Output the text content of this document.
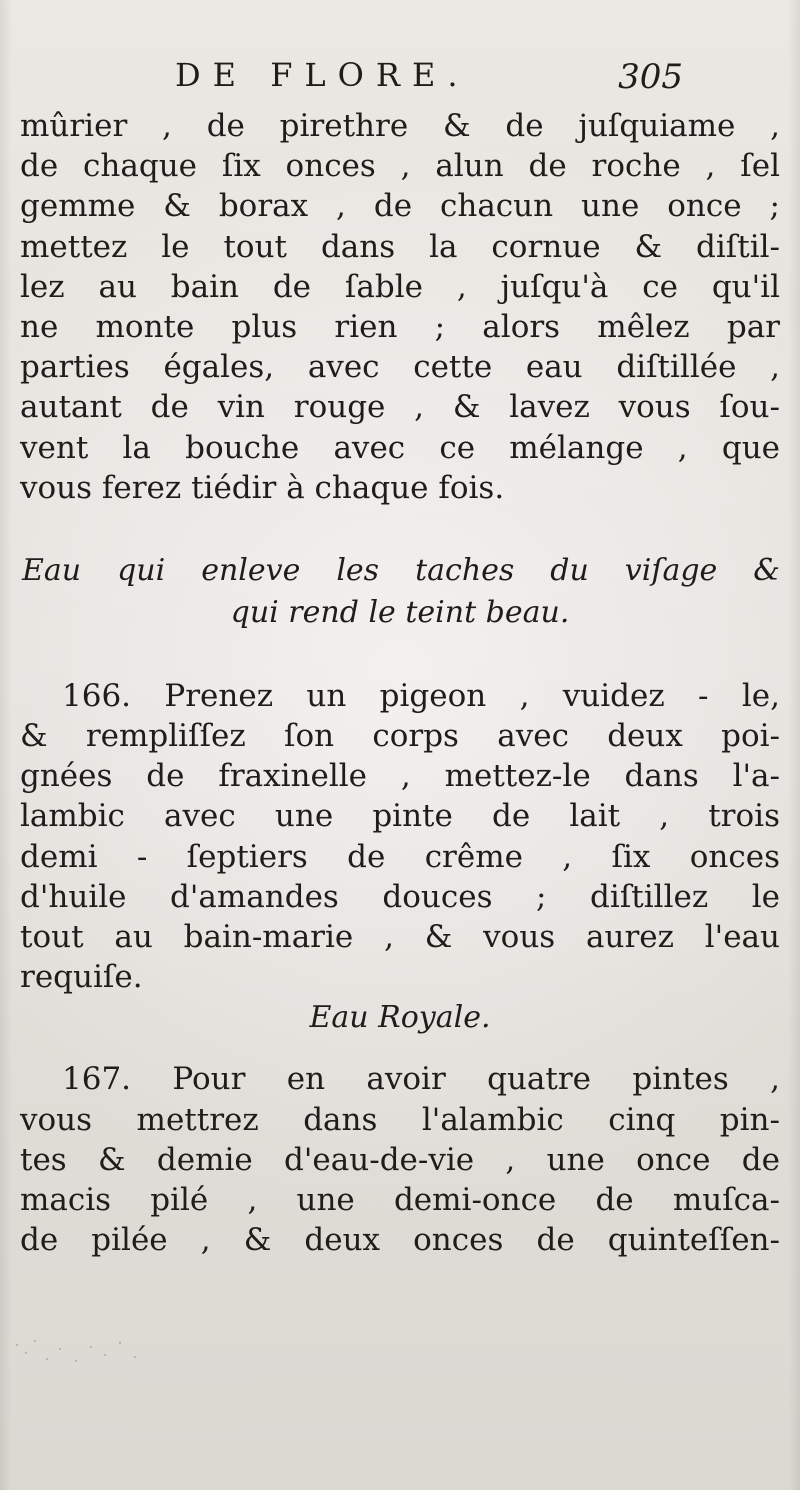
DE FLORE.	305
mûrier , de pirethre & de juſquiame ,
de chaque ſix onces , alun de roche , ſel
gemme & borax , de chacun une once ;
mettez le tout dans la cornue & diſtil-
lez au bain de ſable , juſqu'à ce qu'il
ne monte plus rien ; alors mêlez par
parties égales, avec cette eau diſtillée ,
autant de vin rouge , & lavez vous ſou-
vent la bouche avec ce mélange , que
vous ferez tiédir à chaque fois.
Eau qui enleve les taches du viſage &
qui rend le teint beau.
166. Prenez un pigeon , vuidez - le,
& rempliſſez ſon corps avec deux poi-
gnées de fraxinelle , mettez-le dans l'a-
lambic avec une pinte de lait , trois
demi - ſeptiers de crême , ſix onces
d'huile d'amandes douces ; diſtillez le
tout au bain-marie , & vous aurez l'eau
requiſe.
Eau Royale.
167. Pour en avoir quatre pintes ,
vous mettrez dans l'alambic cinq pin-
tes & demie d'eau-de-vie , une once de
macis pilé , une demi-once de muſca-
de pilée , & deux onces de quinteſſen-
